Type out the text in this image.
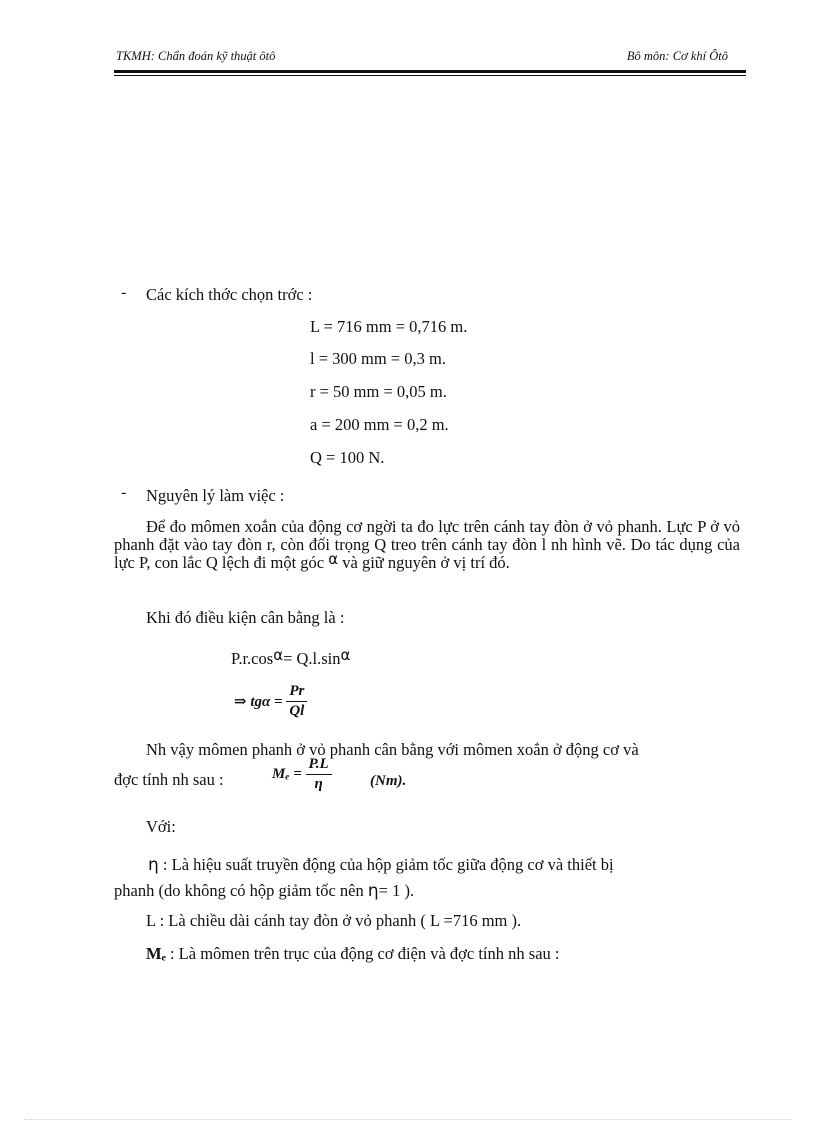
TKMH: Chẩn đoán kỹ thuật ôtô	Bô môn: Cơ khí Ôtô
- Các kích thớc chọn trớc :
L = 716 mm = 0,716 m.
l = 300 mm = 0,3 m.
r = 50 mm = 0,05 m.
a = 200 mm = 0,2 m.
Q = 100 N.
- Nguyên lý làm việc :
Để đo mômen xoắn của động cơ ngời ta đo lực trên cánh tay đòn ở vỏ phanh. Lực P ở vỏ phanh đặt vào tay đòn r, còn đối trọng Q treo trên cánh tay đòn l nh hình vẽ. Do tác dụng của lực P, con lắc Q lệch đi một góc α và giữ nguyên ở vị trí đó.
Khi đó điều kiện cân bằng là :
P.r.cosα= Q.l.sinα
⇒ $tg\alpha = \frac{Pr}{Ql}$
Nh vậy mômen phanh ở vỏ phanh cân bằng với mômen xoắn ở động cơ và
đợc tính nh sau :	$M_e = \frac{P.L}{\eta}$	(Nm).
Với:
η : Là hiệu suất truyền động của hộp giảm tốc giữa động cơ và thiết bị
phanh (do không có hộp giảm tốc nên η= 1 ).
L : Là chiều dài cánh tay đòn ở vỏ phanh ( L =716 mm ).
Mₑ : Là mômen trên trục của động cơ điện và đợc tính nh sau :
